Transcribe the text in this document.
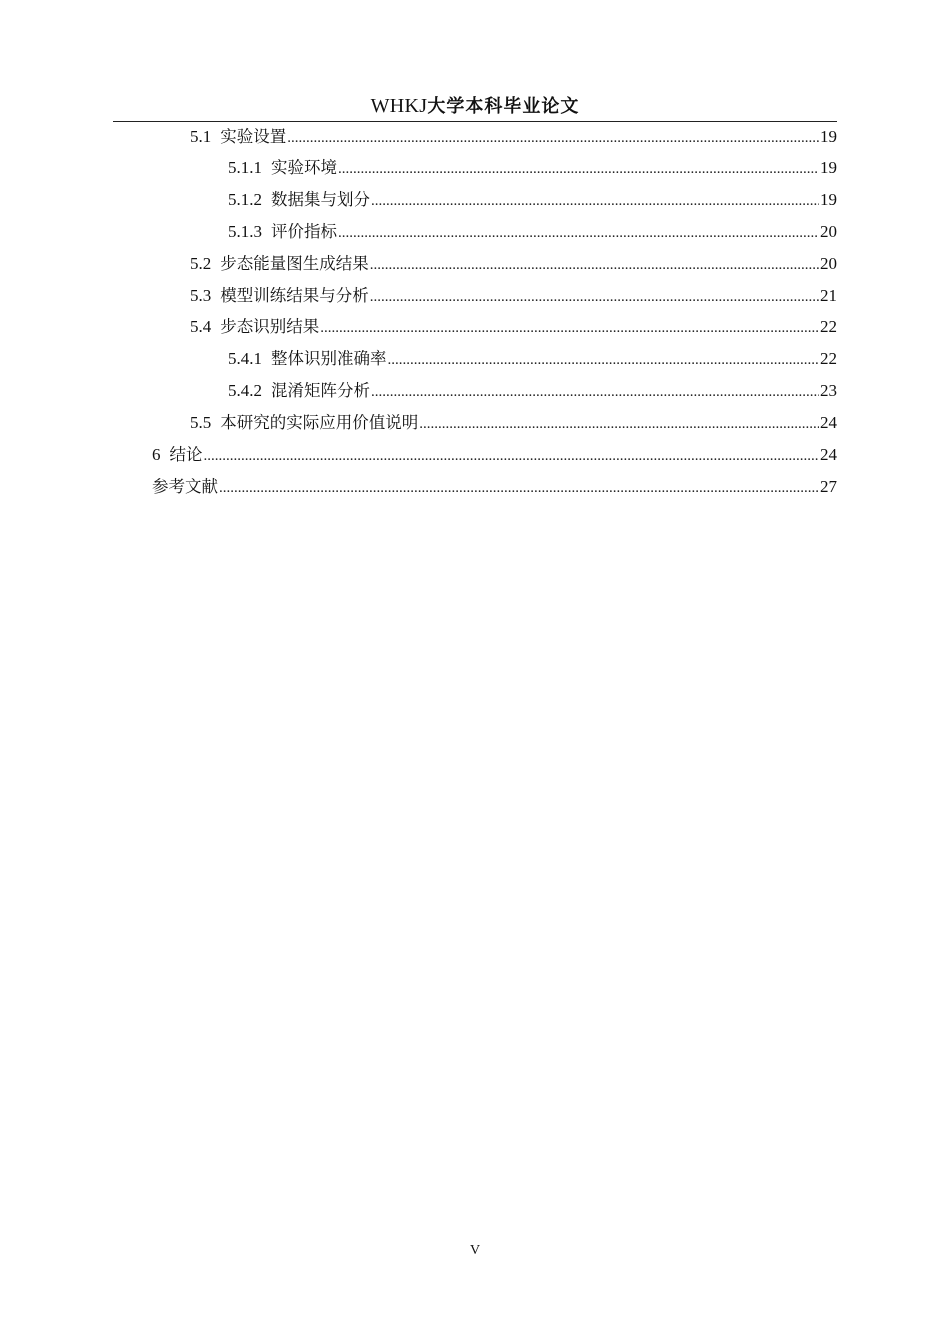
WHKJ大学本科毕业论文
5.1 实验设置 .....	19
5.1.1 实验环境 .....	19
5.1.2 数据集与划分 .....	19
5.1.3 评价指标 .....	20
5.2 步态能量图生成结果 .....	20
5.3 模型训练结果与分析 .....	21
5.4 步态识别结果 .....	22
5.4.1 整体识别准确率 .....	22
5.4.2 混淆矩阵分析 .....	23
5.5 本研究的实际应用价值说明 .....	24
6 结论 .....	24
参考文献 .....	27
V
